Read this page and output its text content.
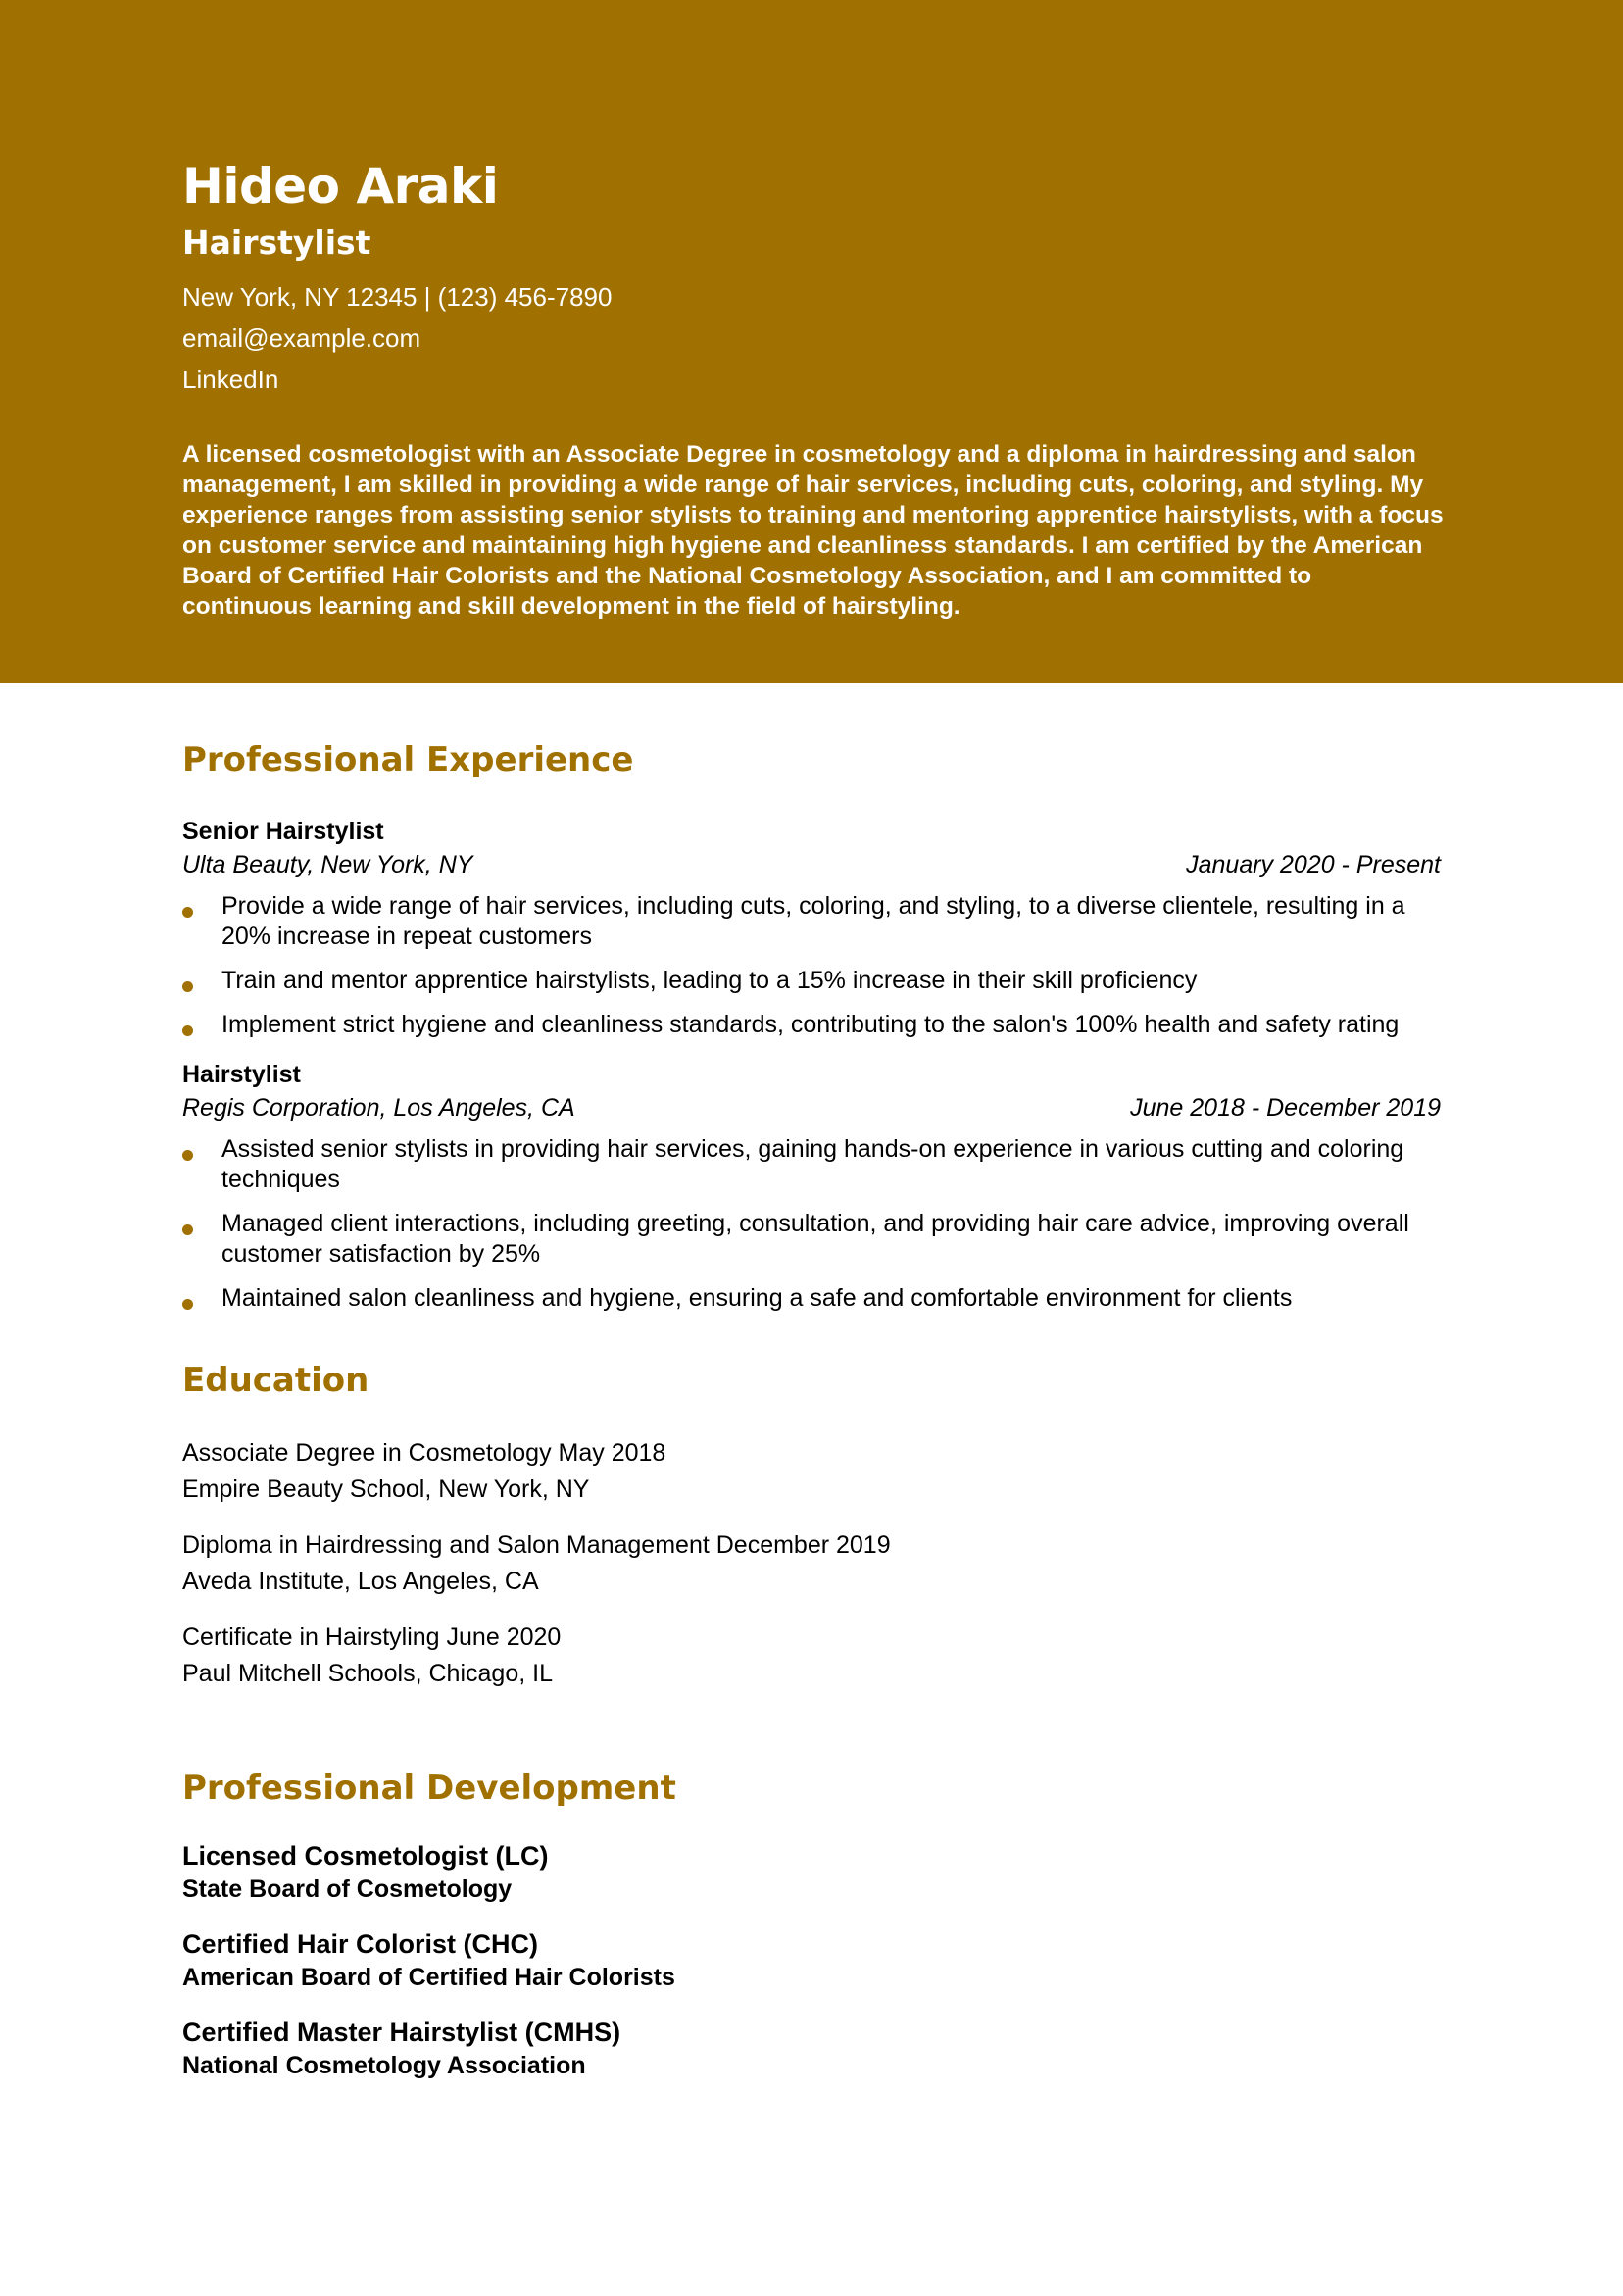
Hideo Araki
Hairstylist
New York, NY 12345 | (123) 456-7890
email@example.com
LinkedIn
A licensed cosmetologist with an Associate Degree in cosmetology and a diploma in hairdressing and salon management, I am skilled in providing a wide range of hair services, including cuts, coloring, and styling. My experience ranges from assisting senior stylists to training and mentoring apprentice hairstylists, with a focus on customer service and maintaining high hygiene and cleanliness standards. I am certified by the American Board of Certified Hair Colorists and the National Cosmetology Association, and I am committed to continuous learning and skill development in the field of hairstyling.
Professional Experience
Senior Hairstylist
Ulta Beauty, New York, NY	January 2020 - Present
Provide a wide range of hair services, including cuts, coloring, and styling, to a diverse clientele, resulting in a 20% increase in repeat customers
Train and mentor apprentice hairstylists, leading to a 15% increase in their skill proficiency
Implement strict hygiene and cleanliness standards, contributing to the salon's 100% health and safety rating
Hairstylist
Regis Corporation, Los Angeles, CA	June 2018 - December 2019
Assisted senior stylists in providing hair services, gaining hands-on experience in various cutting and coloring techniques
Managed client interactions, including greeting, consultation, and providing hair care advice, improving overall customer satisfaction by 25%
Maintained salon cleanliness and hygiene, ensuring a safe and comfortable environment for clients
Education
Associate Degree in Cosmetology May 2018
Empire Beauty School, New York, NY
Diploma in Hairdressing and Salon Management December 2019
Aveda Institute, Los Angeles, CA
Certificate in Hairstyling June 2020
Paul Mitchell Schools, Chicago, IL
Professional Development
Licensed Cosmetologist (LC)
State Board of Cosmetology
Certified Hair Colorist (CHC)
American Board of Certified Hair Colorists
Certified Master Hairstylist (CMHS)
National Cosmetology Association
